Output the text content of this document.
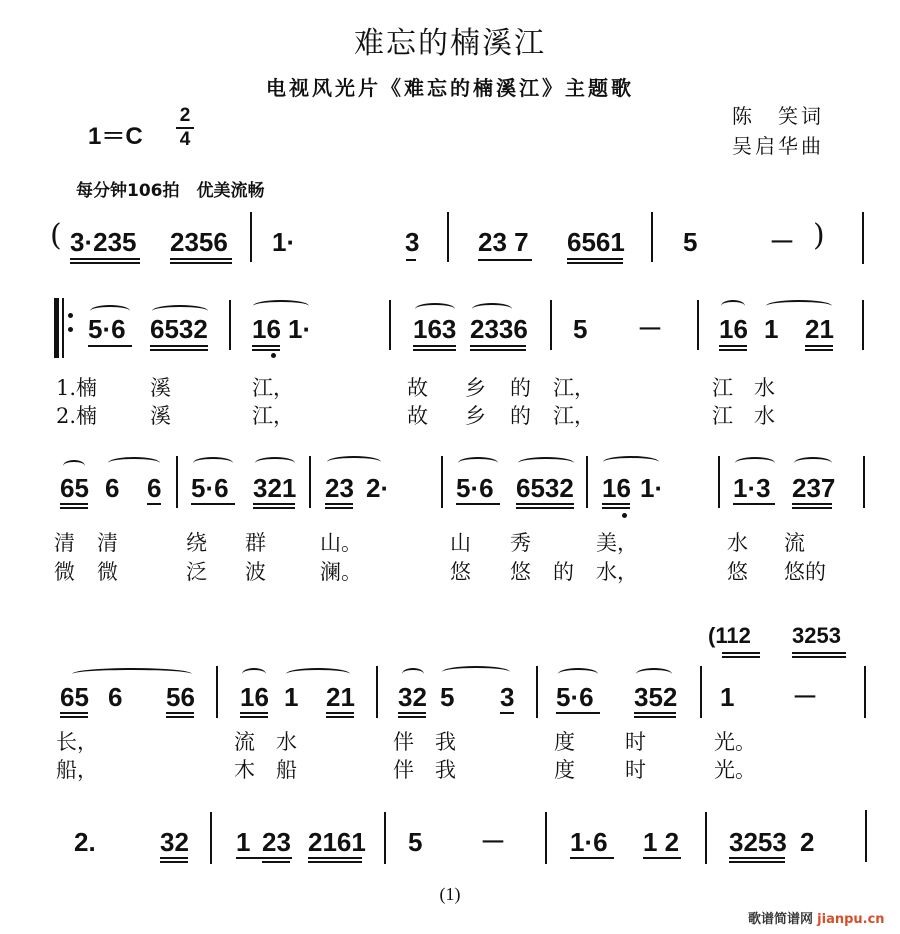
难忘的楠溪江
电视风光片《难忘的楠溪江》主题歌
陈　笑词
吴启华曲
1＝C
2
4
每分钟106拍　优美流畅
( 3·235 2356 1·	3 23 7 6561 5	－ )
5·6 6532 16 1·	163 2336 5 － 16 1 21
1.楠	溪	江，	故 乡 的 江，	江 水
2.楠	溪	江，	故 乡 的 江，	江 水
65 6 6 5·6 321 23 2·	5·6 6532 16 1·	1·3 237
清 清	绕 群	山。	山 秀	美，	水 流
微 微	泛 波	澜。	悠 悠 的 水，	悠 悠的
(112 3253
65 6 56 16 1 21 32 5 3 5·6 352 1 －
长，	流 水	伴 我	度 时	光。
船，	木 船	伴 我	度 时	光。
2. 32 1 23 2161 5 － 1·6 1 2 3253 2
(1)
歌谱简谱网 jianpu.cn
